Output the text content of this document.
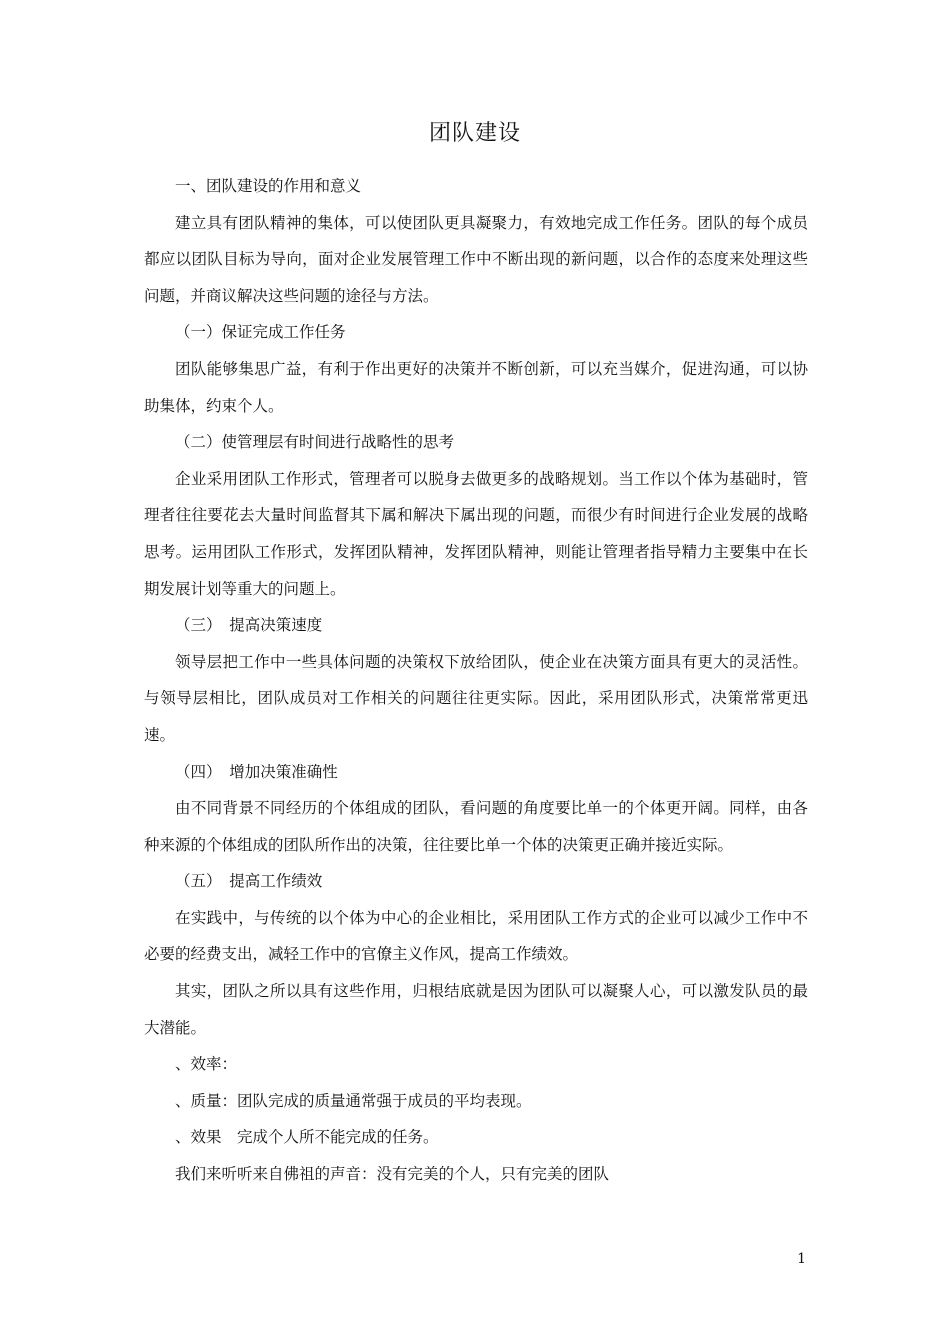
团队建设

一、团队建设的作用和意义

建立具有团队精神的集体，可以使团队更具凝聚力，有效地完成工作任务。团队的每个成员都应以团队目标为导向，面对企业发展管理工作中不断出现的新问题，以合作的态度来处理这些问题，并商议解决这些问题的途径与方法。

（一）保证完成工作任务

团队能够集思广益，有利于作出更好的决策并不断创新，可以充当媒介，促进沟通，可以协助集体，约束个人。

（二）使管理层有时间进行战略性的思考

企业采用团队工作形式，管理者可以脱身去做更多的战略规划。当工作以个体为基础时，管理者往往要花去大量时间监督其下属和解决下属出现的问题，而很少有时间进行企业发展的战略思考。运用团队工作形式，发挥团队精神，发挥团队精神，则能让管理者指导精力主要集中在长期发展计划等重大的问题上。

（三）　提高决策速度

领导层把工作中一些具体问题的决策权下放给团队，使企业在决策方面具有更大的灵活性。与领导层相比，团队成员对工作相关的问题往往更实际。因此，采用团队形式，决策常常更迅速。

（四）　增加决策准确性

由不同背景不同经历的个体组成的团队，看问题的角度要比单一的个体更开阔。同样，由各种来源的个体组成的团队所作出的决策，往往要比单一个体的决策更正确并接近实际。

（五）　提高工作绩效

在实践中，与传统的以个体为中心的企业相比，采用团队工作方式的企业可以减少工作中不必要的经费支出，减轻工作中的官僚主义作风，提高工作绩效。

其实，团队之所以具有这些作用，归根结底就是因为团队可以凝聚人心，可以激发队员的最大潜能。

、效率：

、质量：团队完成的质量通常强于成员的平均表现。

、效果　完成个人所不能完成的任务。

我们来听听来自佛祖的声音：没有完美的个人，只有完美的团队

1
